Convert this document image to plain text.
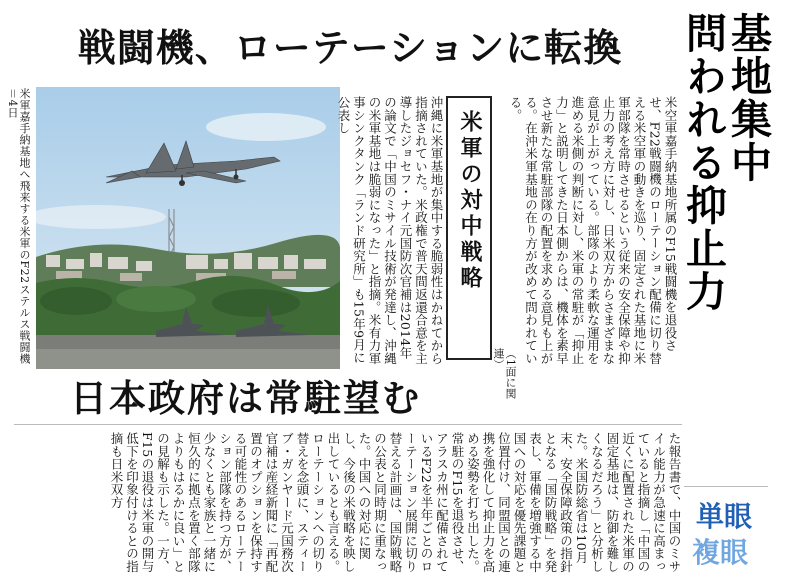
基地集中
問われる抑止力
戦闘機、ローテーションに転換
米軍嘉手納基地へ飛来する米軍のF22ステルス戦闘機＝4日	米空軍嘉手納基地所属のF15戦闘機を退役させ、F22戦闘機のローテーション配備に切り替える米空軍の動きを巡り、固定された基地に米軍部隊を常時させるという従来の安全保障や抑止力の考え方に対し、日米双方からさまざまな意見が上がっている。部隊のより柔軟な運用を進める米側の判断に対し、米軍の常駐が「抑止力」と説明してきた日本側からは、機体を素早させ新たな常駐部隊の配置を求める意見も上がる。在沖米軍基地の在り方が改めて問われている。
（1面に関連）
米軍の対中戦略
沖縄に米軍基地が集中する脆弱性はかねてから指摘されていた。米政権で普天間返還合意を主導したジョセフ・ナイ元国防次官補は2014年の論文で「中国のミサイル技術が発達し、沖縄の米軍基地は脆弱になった」と指摘。米有力軍事シンクタンク「ランド研究所」も15年9月に公表し
日本政府は常駐望む
た報告書で、中国のミサイル能力が急速に高まっていると指摘し「中国の近くに配置された米軍の固定基地は、防御を難しくなるだろう」と分析した。米国防総省は10月末、安全保障政策の指針となる「国防戦略」を発表し、軍備を増強する中国への対応を優先課題と位置付け、同盟国との連携を強化して抑止力を高める姿勢を打ち出した。常駐のF15を退役させ、アラスカ州に配備されているF22を半年ごとのローテーション展開に切り替える計画は、国防戦略の公表と同時期に重なった。中国への対応に関し、今後の米戦略を映し出しているとも言える。ローテーションへの切り替えを念頭に、スティーブ・ガンヤード元国務次官補は産経新聞に「再配置のオプションを保持する可能性のあるローテーション部隊を持つ方が、少なくとも家族と一緒に恒久的に拠点を置く部隊よりもはるかに良い」との見解も示した。一方、F15の退役は米軍の開与低下を印象付けるとの指摘も日米双方
単眼
複眼
